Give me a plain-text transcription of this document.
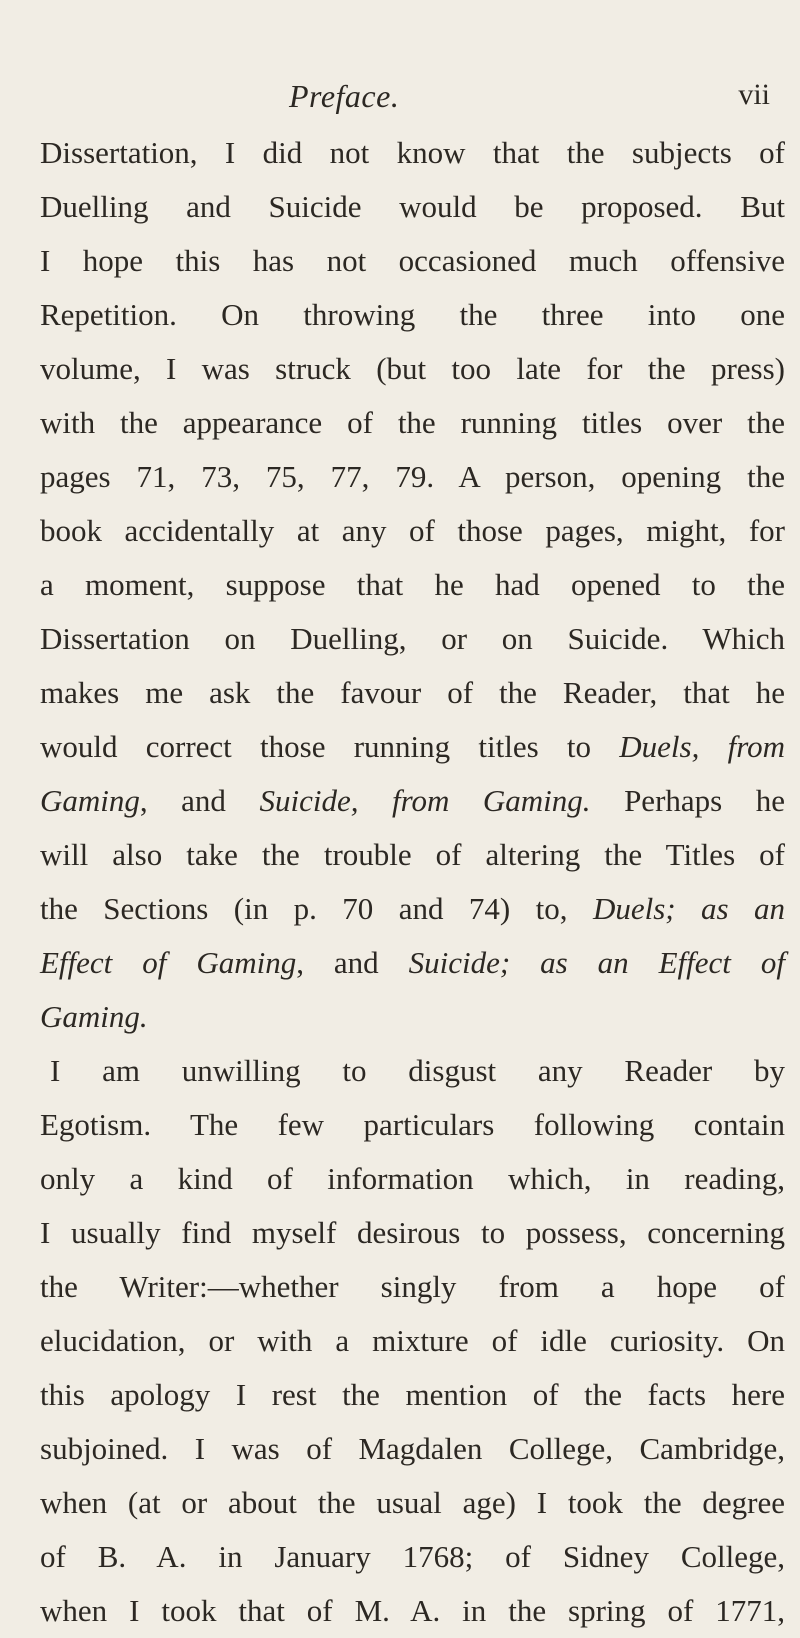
Preface.	vii
Dissertation, I did not know that the subjects of
Duelling and Suicide would be proposed. But
I hope this has not occasioned much offensive
Repetition. On throwing the three into one
volume, I was struck (but too late for the press)
with the appearance of the running titles over the
pages 71, 73, 75, 77, 79. A person, opening the
book accidentally at any of those pages, might, for
a moment, suppose that he had opened to the
Dissertation on Duelling, or on Suicide. Which
makes me ask the favour of the Reader, that he
would correct those running titles to Duels, from
Gaming, and Suicide, from Gaming. Perhaps he
will also take the trouble of altering the Titles of
the Sections (in p. 70 and 74) to, Duels; as an
Effect of Gaming, and Suicide; as an Effect of
Gaming.
I am unwilling to disgust any Reader by
Egotism. The few particulars following contain
only a kind of information which, in reading,
I usually find myself desirous to possess, concerning
the Writer:—whether singly from a hope of
elucidation, or with a mixture of idle curiosity. On
this apology I rest the mention of the facts here
subjoined. I was of Magdalen College, Cambridge,
when (at or about the usual age) I took the degree
of B. A. in January 1768; of Sidney College,
when I took that of M. A. in the spring of 1771,
